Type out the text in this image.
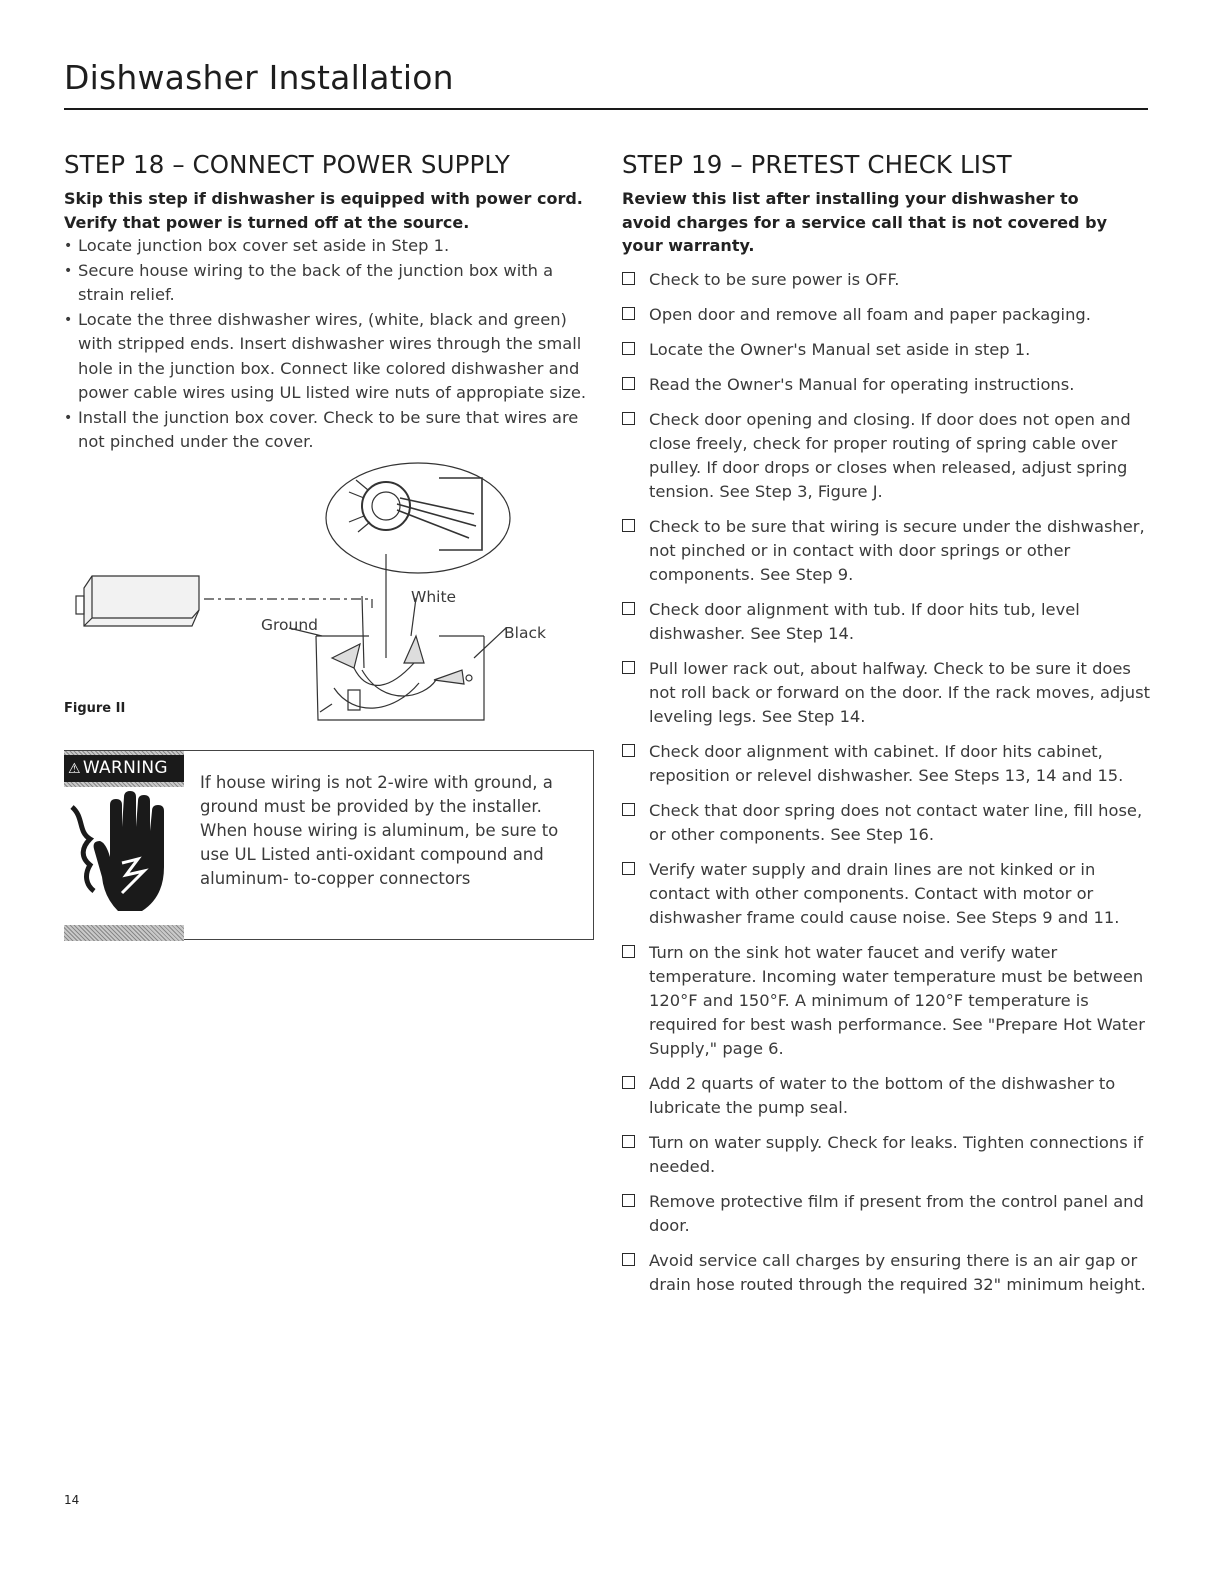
Dishwasher Installation
STEP 18 – CONNECT POWER SUPPLY

Skip this step if dishwasher is equipped with power cord.
Verify that power is turned off at the source.

• Locate junction box cover set aside in Step 1.
• Secure house wiring to the back of the junction box with a strain relief.
• Locate the three dishwasher wires, (white, black and green) with stripped ends. Insert dishwasher wires through the small hole in the junction box. Connect like colored dishwasher and power cable wires using UL listed wire nuts of appropiate size.
• Install the junction box cover. Check to be sure that wires are not pinched under the cover.
White
Ground	Black
Figure II
⚠ WARNING
If house wiring is not 2-wire with ground, a ground must be provided by the installer. When house wiring is aluminum, be sure to use UL Listed anti-oxidant compound and aluminum- to-copper connectors
STEP 19 – PRETEST CHECK LIST

Review this list after installing your dishwasher to
avoid charges for a service call that is not covered by your warranty.

Check to be sure power is OFF.
Open door and remove all foam and paper packaging.
Locate the Owner's Manual set aside in step 1.
Read the Owner's Manual for operating instructions.
Check door opening and closing. If door does not open and close freely, check for proper routing of spring cable over pulley. If door drops or closes when released, adjust spring tension. See Step 3, Figure J.
Check to be sure that wiring is secure under the dishwasher, not pinched or in contact with door springs or other components. See Step 9.
Check door alignment with tub. If door hits tub, level dishwasher. See Step 14.
Pull lower rack out, about halfway. Check to be sure it does not roll back or forward on the door. If the rack moves, adjust leveling legs. See Step 14.
Check door alignment with cabinet. If door hits cabinet, reposition or relevel dishwasher. See Steps 13, 14 and 15.
Check that door spring does not contact water line, fill hose, or other components. See Step 16.
Verify water supply and drain lines are not kinked or in contact with other components. Contact with motor or dishwasher frame could cause noise. See Steps 9 and 11.
Turn on the sink hot water faucet and verify water temperature. Incoming water temperature must be between 120°F and 150°F. A minimum of 120°F temperature is required for best wash performance. See "Prepare Hot Water Supply," page 6.
Add 2 quarts of water to the bottom of the dishwasher to lubricate the pump seal.
Turn on water supply. Check for leaks. Tighten connections if needed.
Remove protective film if present from the control panel and door.
Avoid service call charges by ensuring there is an air gap or drain hose routed through the required 32" minimum height.
14
